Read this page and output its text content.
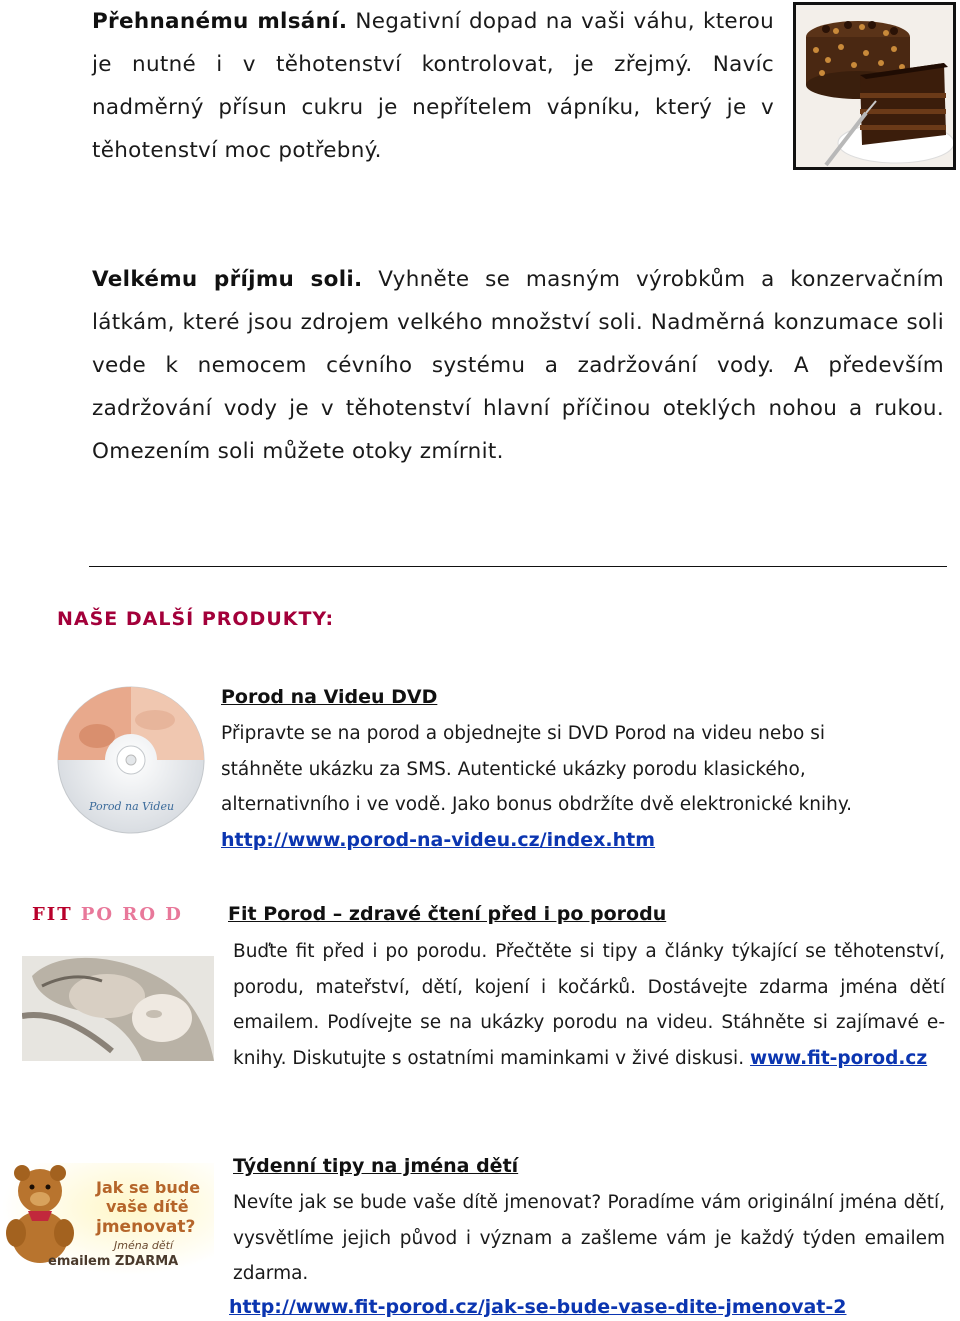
Přehnanému mlsání. Negativní dopad na vaši váhu, kterou je nutné i v těhotenství kontrolovat, je zřejmý. Navíc nadměrný přísun cukru je nepřítelem vápníku, který je v těhotenství moc potřebný.
Velkému příjmu soli. Vyhněte se masným výrobkům a konzervačním látkám, které jsou zdrojem velkého množství soli. Nadměrná konzumace soli vede k nemocem cévního systému a zadržování vody. A především zadržování vody je v těhotenství hlavní příčinou oteklých nohou a rukou. Omezením soli můžete otoky zmírnit.
NAŠE DALŠÍ PRODUKTY:
Porod na Videu
Porod na Videu DVD
Připravte se na porod a objednejte si DVD Porod na videu nebo si stáhněte ukázku za SMS. Autentické ukázky porodu klasického, alternativního i ve vodě. Jako bonus obdržíte dvě elektronické knihy.
http://www.porod-na-videu.cz/index.htm
FIT PO RO D Fit Porod – zdravé čtení před i po porodu
Buďte fit před i po porodu. Přečtěte si tipy a články týkající se těhotenství, porodu, mateřství, dětí, kojení i kočárků. Dostávejte zdarma jména dětí emailem. Podívejte se na ukázky porodu na videu. Stáhněte si zajímavé e-knihy. Diskutujte s ostatními maminkami v živé diskusi. www.fit-porod.cz
Jak se bude
vaše dítě
jmenovat?
Jména dětí
emailem ZDARMA
Týdenní tipy na jména dětí
Nevíte jak se bude vaše dítě jmenovat? Poradíme vám originální jména dětí, vysvětlíme jejich původ i význam a zašleme vám je každý týden emailem zdarma.
http://www.fit-porod.cz/jak-se-bude-vase-dite-jmenovat-2
